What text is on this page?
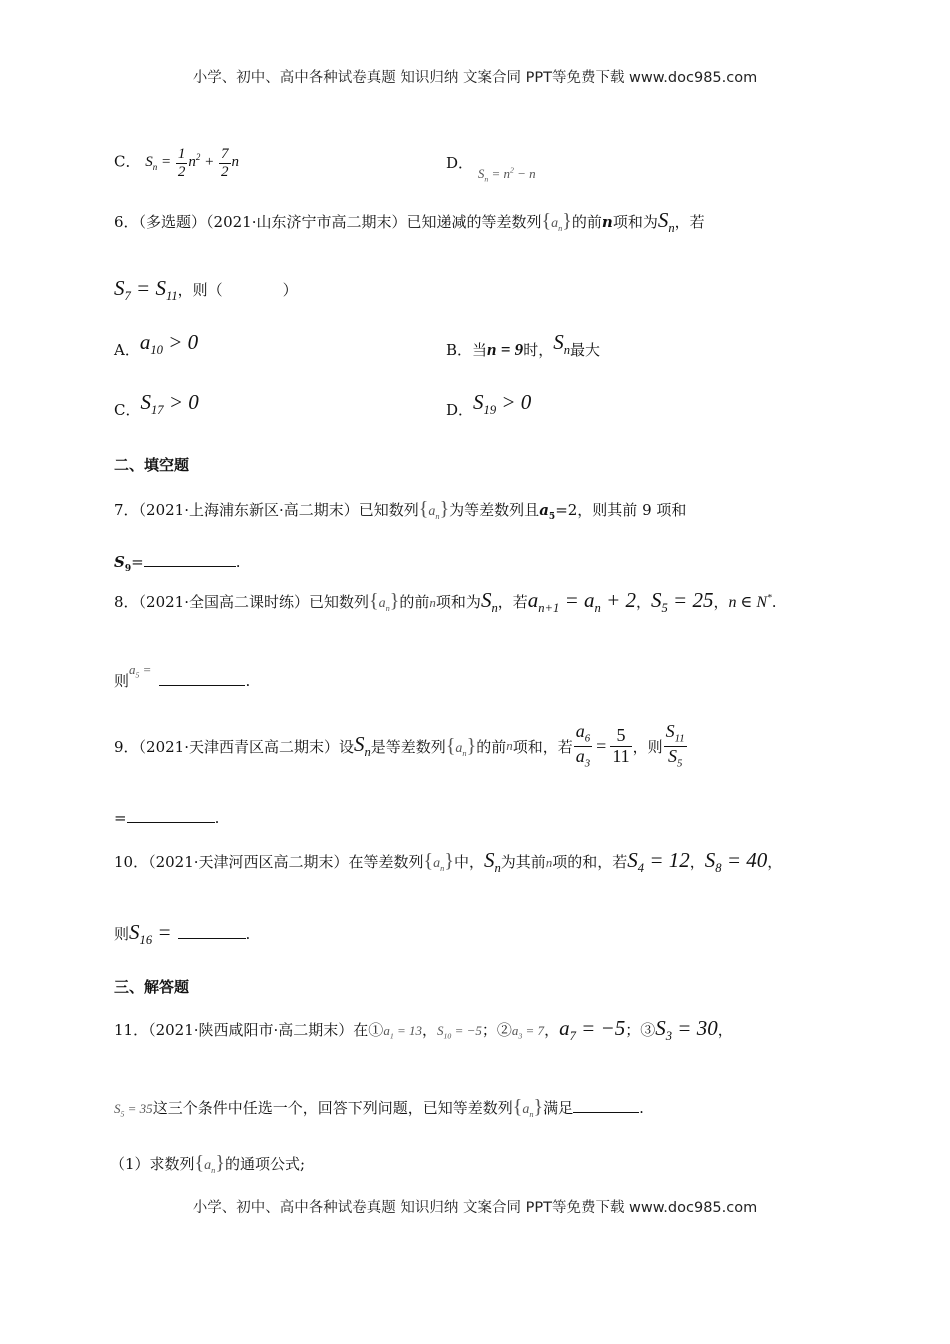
小学、初中、高中各种试卷真题 知识归纳 文案合同 PPT等免费下载 www.doc985.com
C． $S_n = \frac{1}{2} n^2 + \frac{7}{2}$ n	D． $S_n = n^2 - n$
6．（多选题）（2021·山东济宁市高二期末）已知递减的等差数列$\{a_n\}$的前n项和为$S_n$，若
$S_7 = S_{11}$，则（　　　　）
A．$a_{10} > 0$	B．当n = 9时，$S_n$最大
C．$S_{17} > 0$	D．$S_{19} > 0$
二、填空题
7．（2021·上海浦东新区·高二期末）已知数列$\{a_n\}$为等差数列且$a_5=2$，则其前 9 项和
$S_9=$	.
8．（2021·全国高二课时练）已知数列$\{a_n\}$的前n项和为$S_n$，若$a_{n+1} = a_n + 2$，$S_5 = 25$，n ∈ N*.
则$a_5$ =.
9．（2021·天津西青区高二期末）设 $S_n$ 是等差数列 $\{a_n\}$ 的前 n 项和，若 $\frac{a_6}{a_3} = \frac{5}{11}$ ，则 $\frac{S_{11}}{S_5}$
=	.
10．（2021·天津河西区高二期末）在等差数列$\{a_n\}$中，$S_n$为其前n项的和，若$S_4 = 12$，$S_8 = 40$，
则$S_{16}$ =	.
三、解答题
11．（2021·陕西咸阳市·高二期末）在$①a_1 = 13$，$S_{10} = -5$；$②a_3 = 7$，$a_7 = -5$；$③S_3 = 30$，
$S_5 = 35$这三个条件中任选一个，回答下列问题，已知等差数列$\{a_n\}$满足	.
（1）求数列$\{a_n\}$的通项公式;
小学、初中、高中各种试卷真题 知识归纳 文案合同 PPT等免费下载 www.doc985.com
